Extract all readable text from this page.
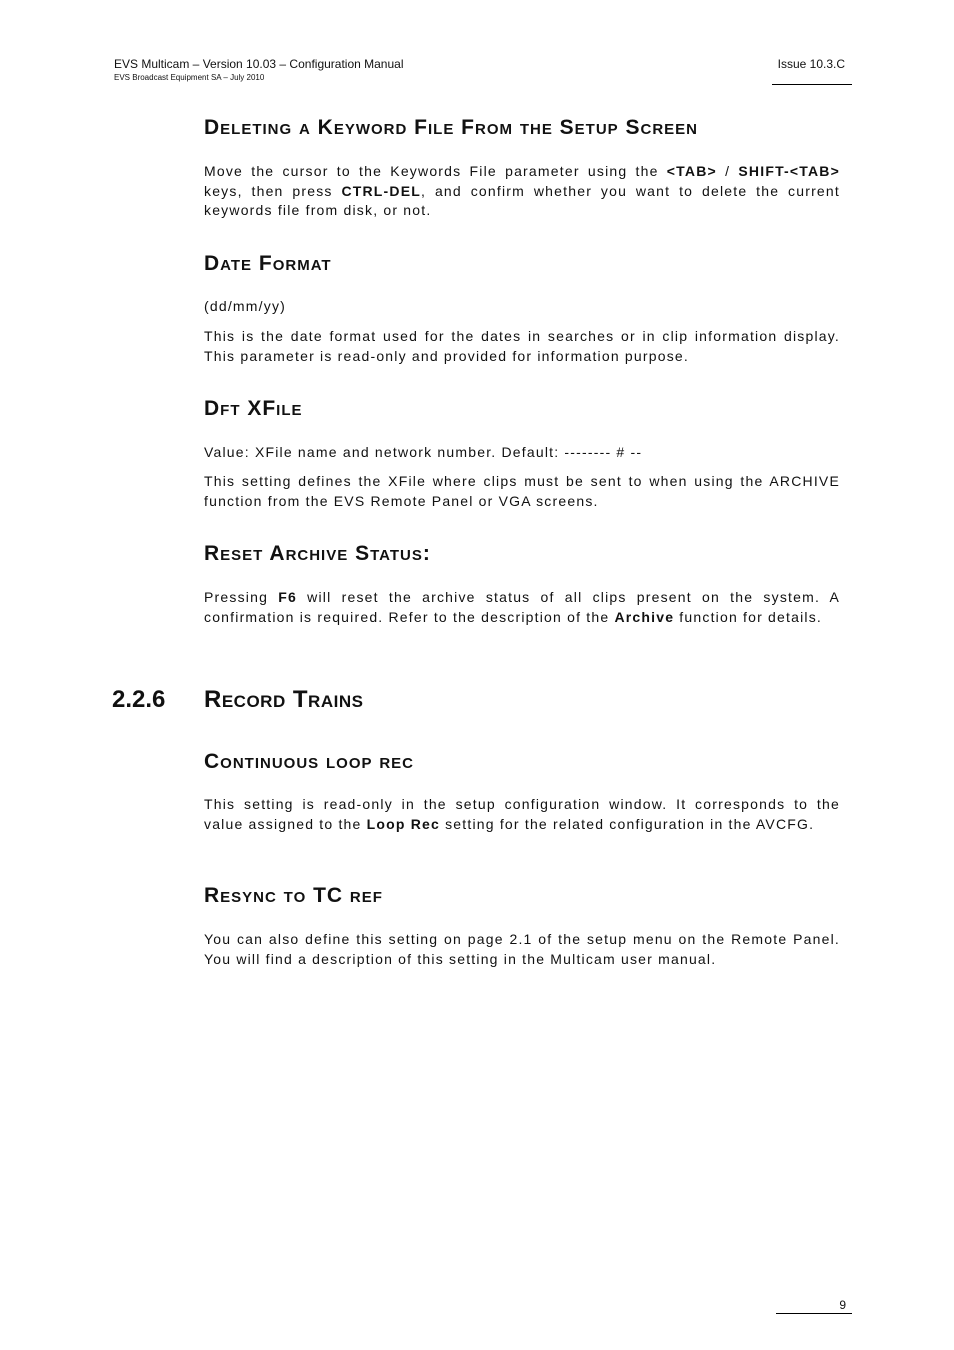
EVS Multicam – Version 10.03 – Configuration Manual
EVS Broadcast Equipment SA – July 2010
Issue 10.3.C
Deleting a Keyword File From the Setup Screen

Move the cursor to the Keywords File parameter using the <TAB> / SHIFT-<TAB> keys, then press CTRL-DEL, and confirm whether you want to delete the current keywords file from disk, or not.

Date Format

(dd/mm/yy)

This is the date format used for the dates in searches or in clip information display. This parameter is read-only and provided for information purpose.

Dft XFile

Value: XFile name and network number. Default: -------- # --

This setting defines the XFile where clips must be sent to when using the ARCHIVE function from the EVS Remote Panel or VGA screens.

Reset Archive Status:

Pressing F6 will reset the archive status of all clips present on the system. A confirmation is required. Refer to the description of the Archive function for details.

Continuous loop rec

This setting is read-only in the setup configuration window. It corresponds to the value assigned to the Loop Rec setting for the related configuration in the AVCFG.

Resync to TC ref

You can also define this setting on page 2.1 of the setup menu on the Remote Panel. You will find a description of this setting in the Multicam user manual.

2.2.6 Record Trains
9
